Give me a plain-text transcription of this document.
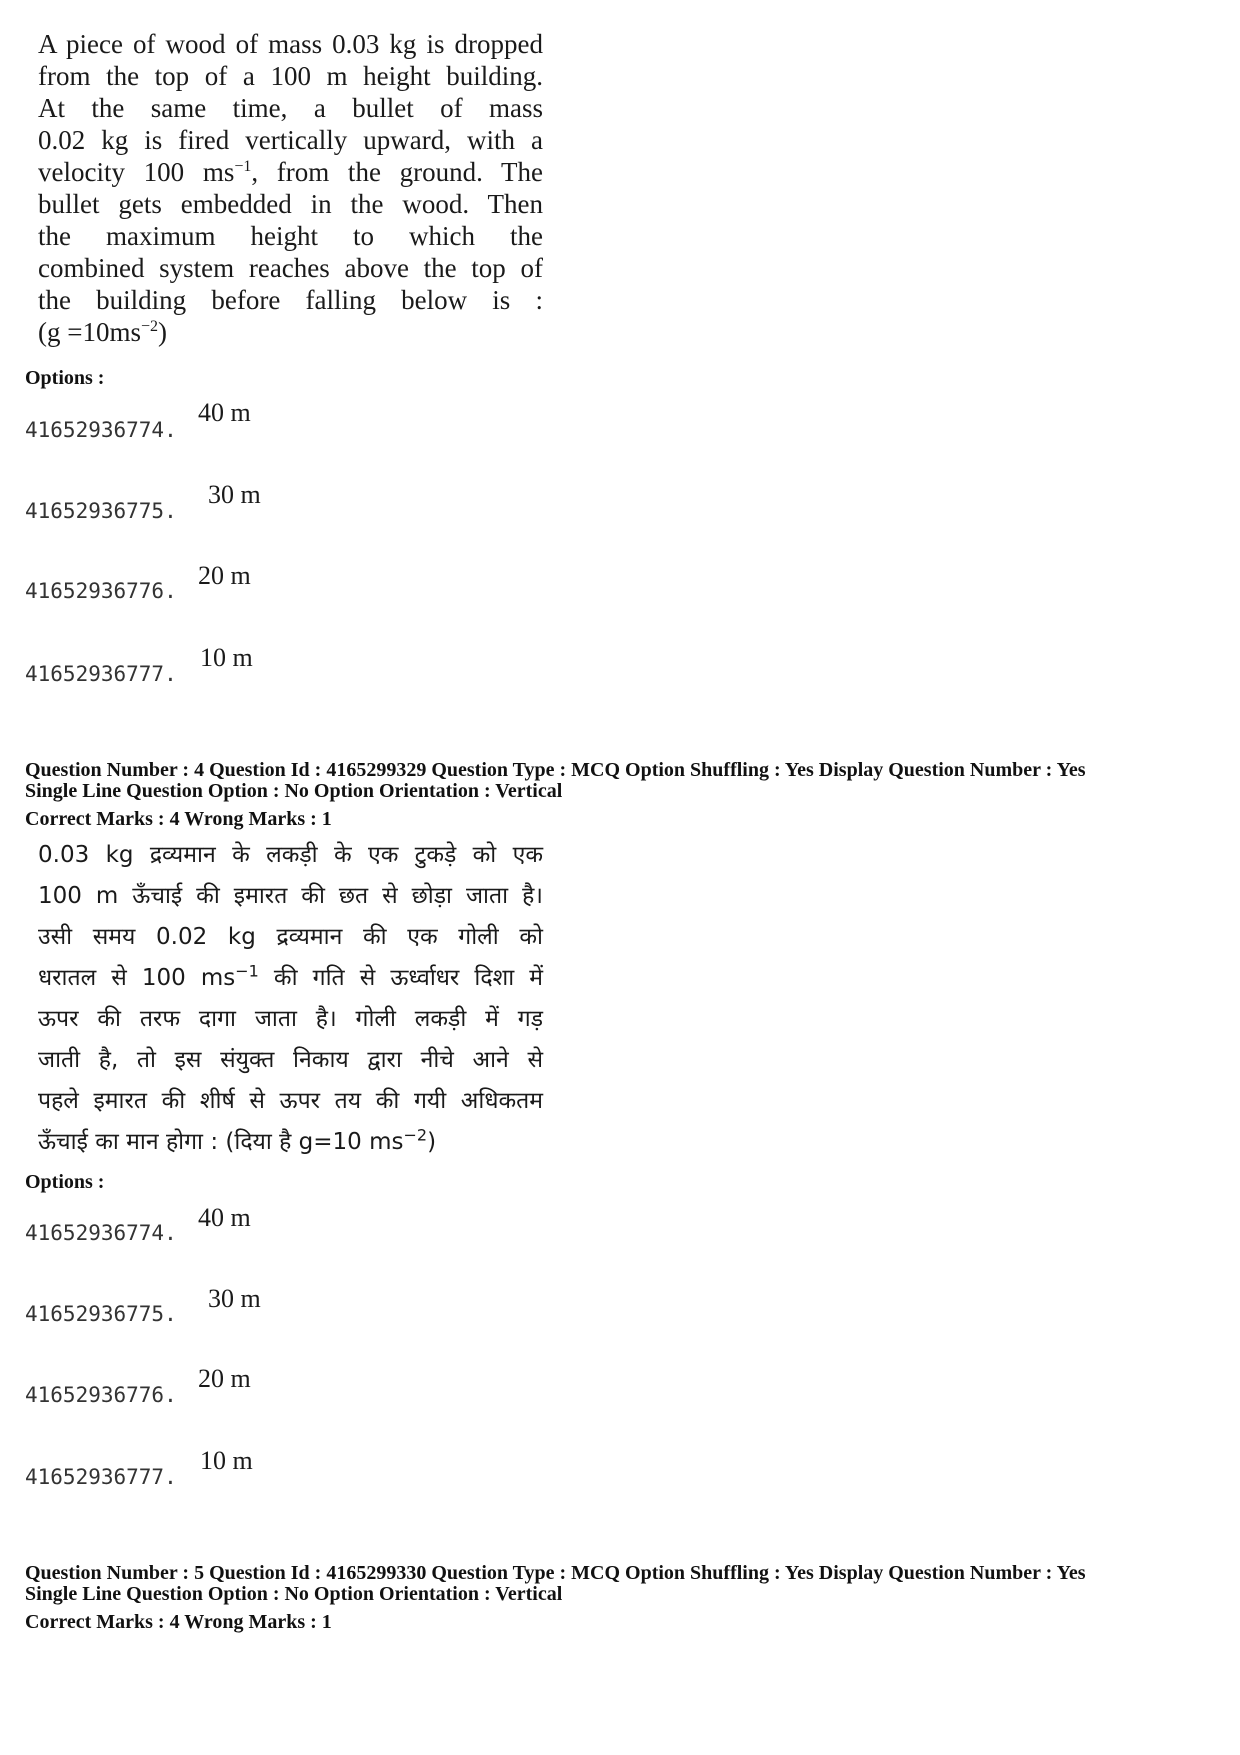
A piece of wood of mass 0.03 kg is dropped
from the top of a 100 m height building.
At the same time, a bullet of mass
0.02 kg is fired vertically upward, with a
velocity 100 $ms^{-1}$, from the ground. The
bullet gets embedded in the wood. Then
the maximum height to which the
combined system reaches above the top of
the building before falling below is :
$(g =10ms^{-2})$
Options :
41652936774.
40 m
41652936775.
30 m
41652936776.
20 m
41652936777.
10 m
Question Number : 4 Question Id : 4165299329 Question Type : MCQ Option Shuffling : Yes Display Question Number : Yes
Single Line Question Option : No Option Orientation : Vertical
Correct Marks : 4 Wrong Marks : 1
0.03 kg द्रव्यमान के लकड़ी के एक टुकड़े को एक
100 m ऊँचाई की इमारत की छत से छोड़ा जाता है।
उसी समय 0.02 kg द्रव्यमान की एक गोली को
धरातल से 100 $ms^{-1}$ की गति से ऊर्ध्वाधर दिशा में
ऊपर की तरफ दागा जाता है। गोली लकड़ी में गड़
जाती है, तो इस संयुक्त निकाय द्वारा नीचे आने से
पहले इमारत की शीर्ष से ऊपर तय की गयी अधिकतम
ऊँचाई का मान होगा : (दिया है g=10 $ms^{-2}$)
Options :
41652936774.
40 m
41652936775.
30 m
41652936776.
20 m
41652936777.
10 m
Question Number : 5 Question Id : 4165299330 Question Type : MCQ Option Shuffling : Yes Display Question Number : Yes
Single Line Question Option : No Option Orientation : Vertical
Correct Marks : 4 Wrong Marks : 1
